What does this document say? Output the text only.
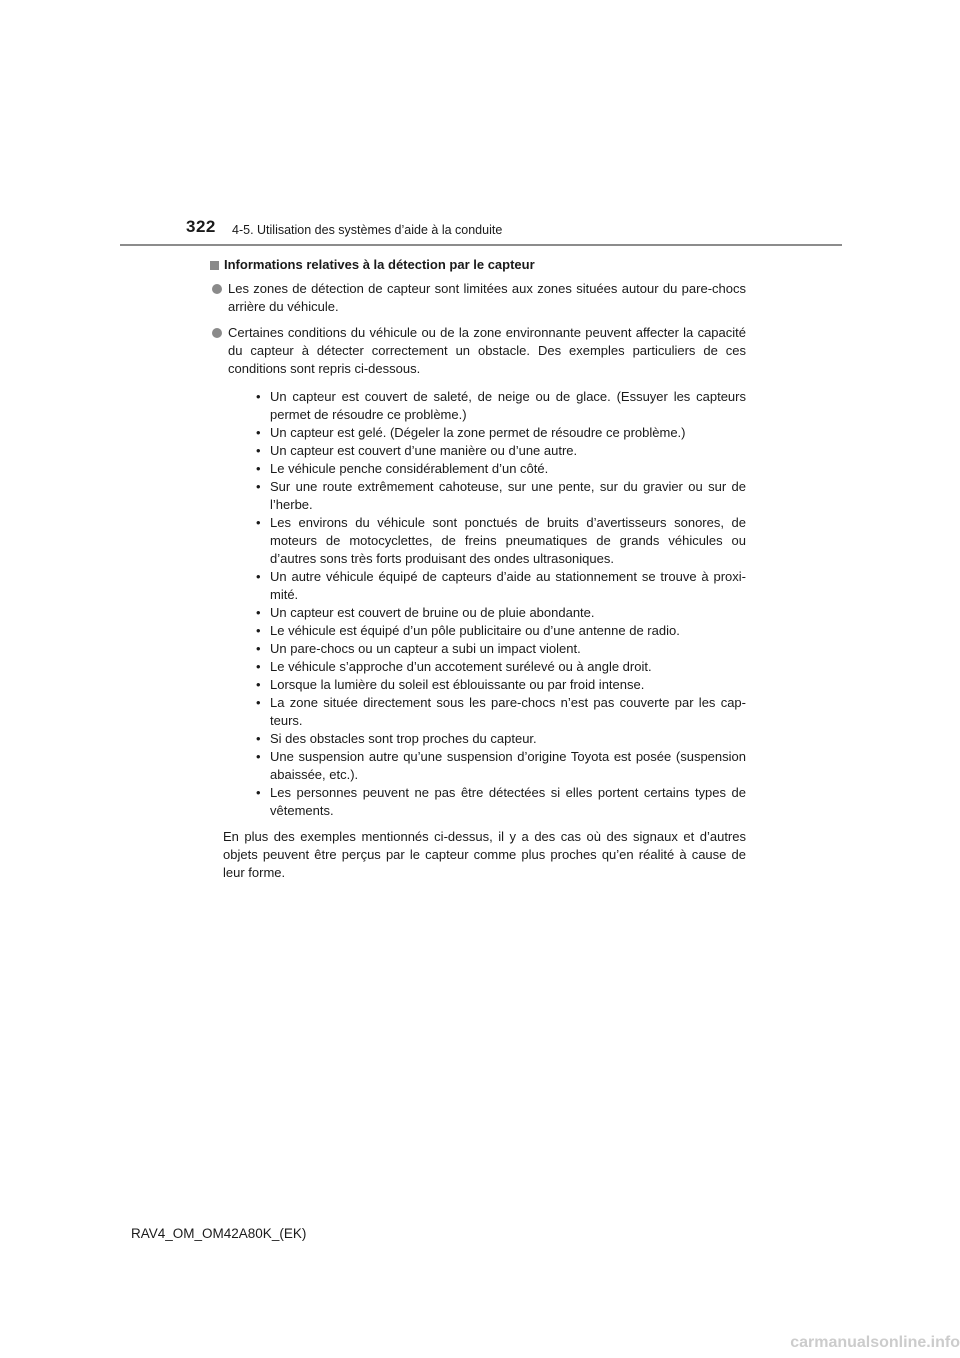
322 4-5. Utilisation des systèmes d’aide à la conduite
Informations relatives à la détection par le capteur
Les zones de détection de capteur sont limitées aux zones situées autour du pare-chocs arrière du véhicule.
Certaines conditions du véhicule ou de la zone environnante peuvent affecter la capacité du capteur à détecter correctement un obstacle. Des exemples particuliers de ces conditions sont repris ci-dessous.
• Un capteur est couvert de saleté, de neige ou de glace. (Essuyer les capteurs permet de résoudre ce problème.)
• Un capteur est gelé. (Dégeler la zone permet de résoudre ce problème.)
• Un capteur est couvert d’une manière ou d’une autre.
• Le véhicule penche considérablement d’un côté.
• Sur une route extrêmement cahoteuse, sur une pente, sur du gravier ou sur de l’herbe.
• Les environs du véhicule sont ponctués de bruits d’avertisseurs sonores, de moteurs de motocyclettes, de freins pneumatiques de grands véhicules ou d’autres sons très forts produisant des ondes ultrasoniques.
• Un autre véhicule équipé de capteurs d’aide au stationnement se trouve à proxi-mité.
• Un capteur est couvert de bruine ou de pluie abondante.
• Le véhicule est équipé d’un pôle publicitaire ou d’une antenne de radio.
• Un pare-chocs ou un capteur a subi un impact violent.
• Le véhicule s’approche d’un accotement surélevé ou à angle droit.
• Lorsque la lumière du soleil est éblouissante ou par froid intense.
• La zone située directement sous les pare-chocs n’est pas couverte par les cap-teurs.
• Si des obstacles sont trop proches du capteur.
• Une suspension autre qu’une suspension d’origine Toyota est posée (suspension abaissée, etc.).
• Les personnes peuvent ne pas être détectées si elles portent certains types de vêtements.
En plus des exemples mentionnés ci-dessus, il y a des cas où des signaux et d’autres objets peuvent être perçus par le capteur comme plus proches qu’en réalité à cause de leur forme.
RAV4_OM_OM42A80K_(EK)
carmanualsonline.info
